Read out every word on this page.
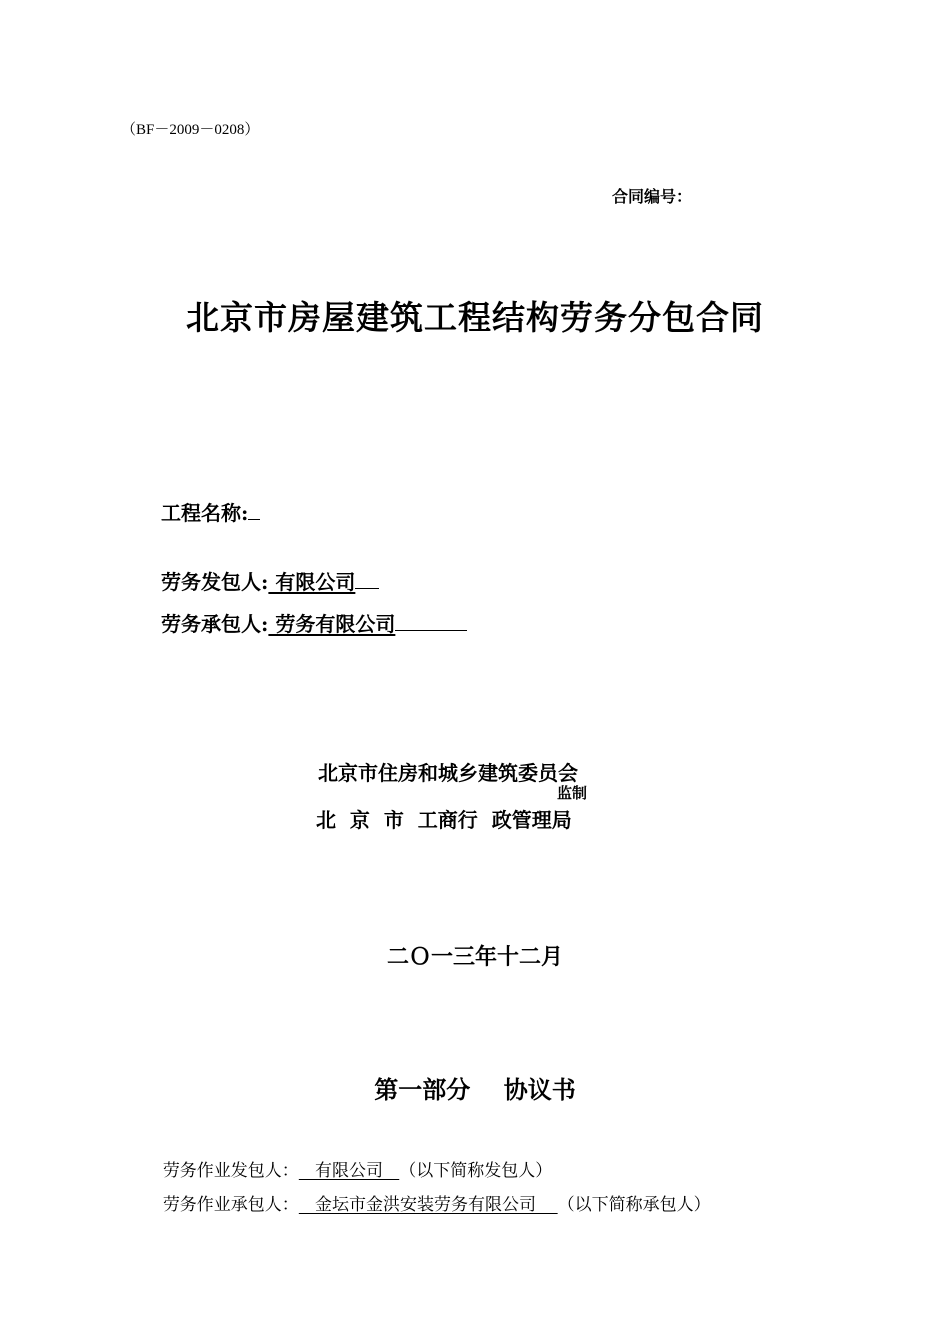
（BF－2009－0208）
合同编号：
北京市房屋建筑工程结构劳务分包合同
工程名称:
劳务发包人: 有限公司
劳务承包人: 劳务有限公司
北京市住房和城乡建筑委员会
监制
北  京  市  工商行  政管理局
二Ｏ一三年十二月
第一部分    协议书

劳务作业发包人：   有限公司   （以下简称发包人）

劳务作业承包人：   金坛市金洪安装劳务有限公司    （以下简称承包人）
